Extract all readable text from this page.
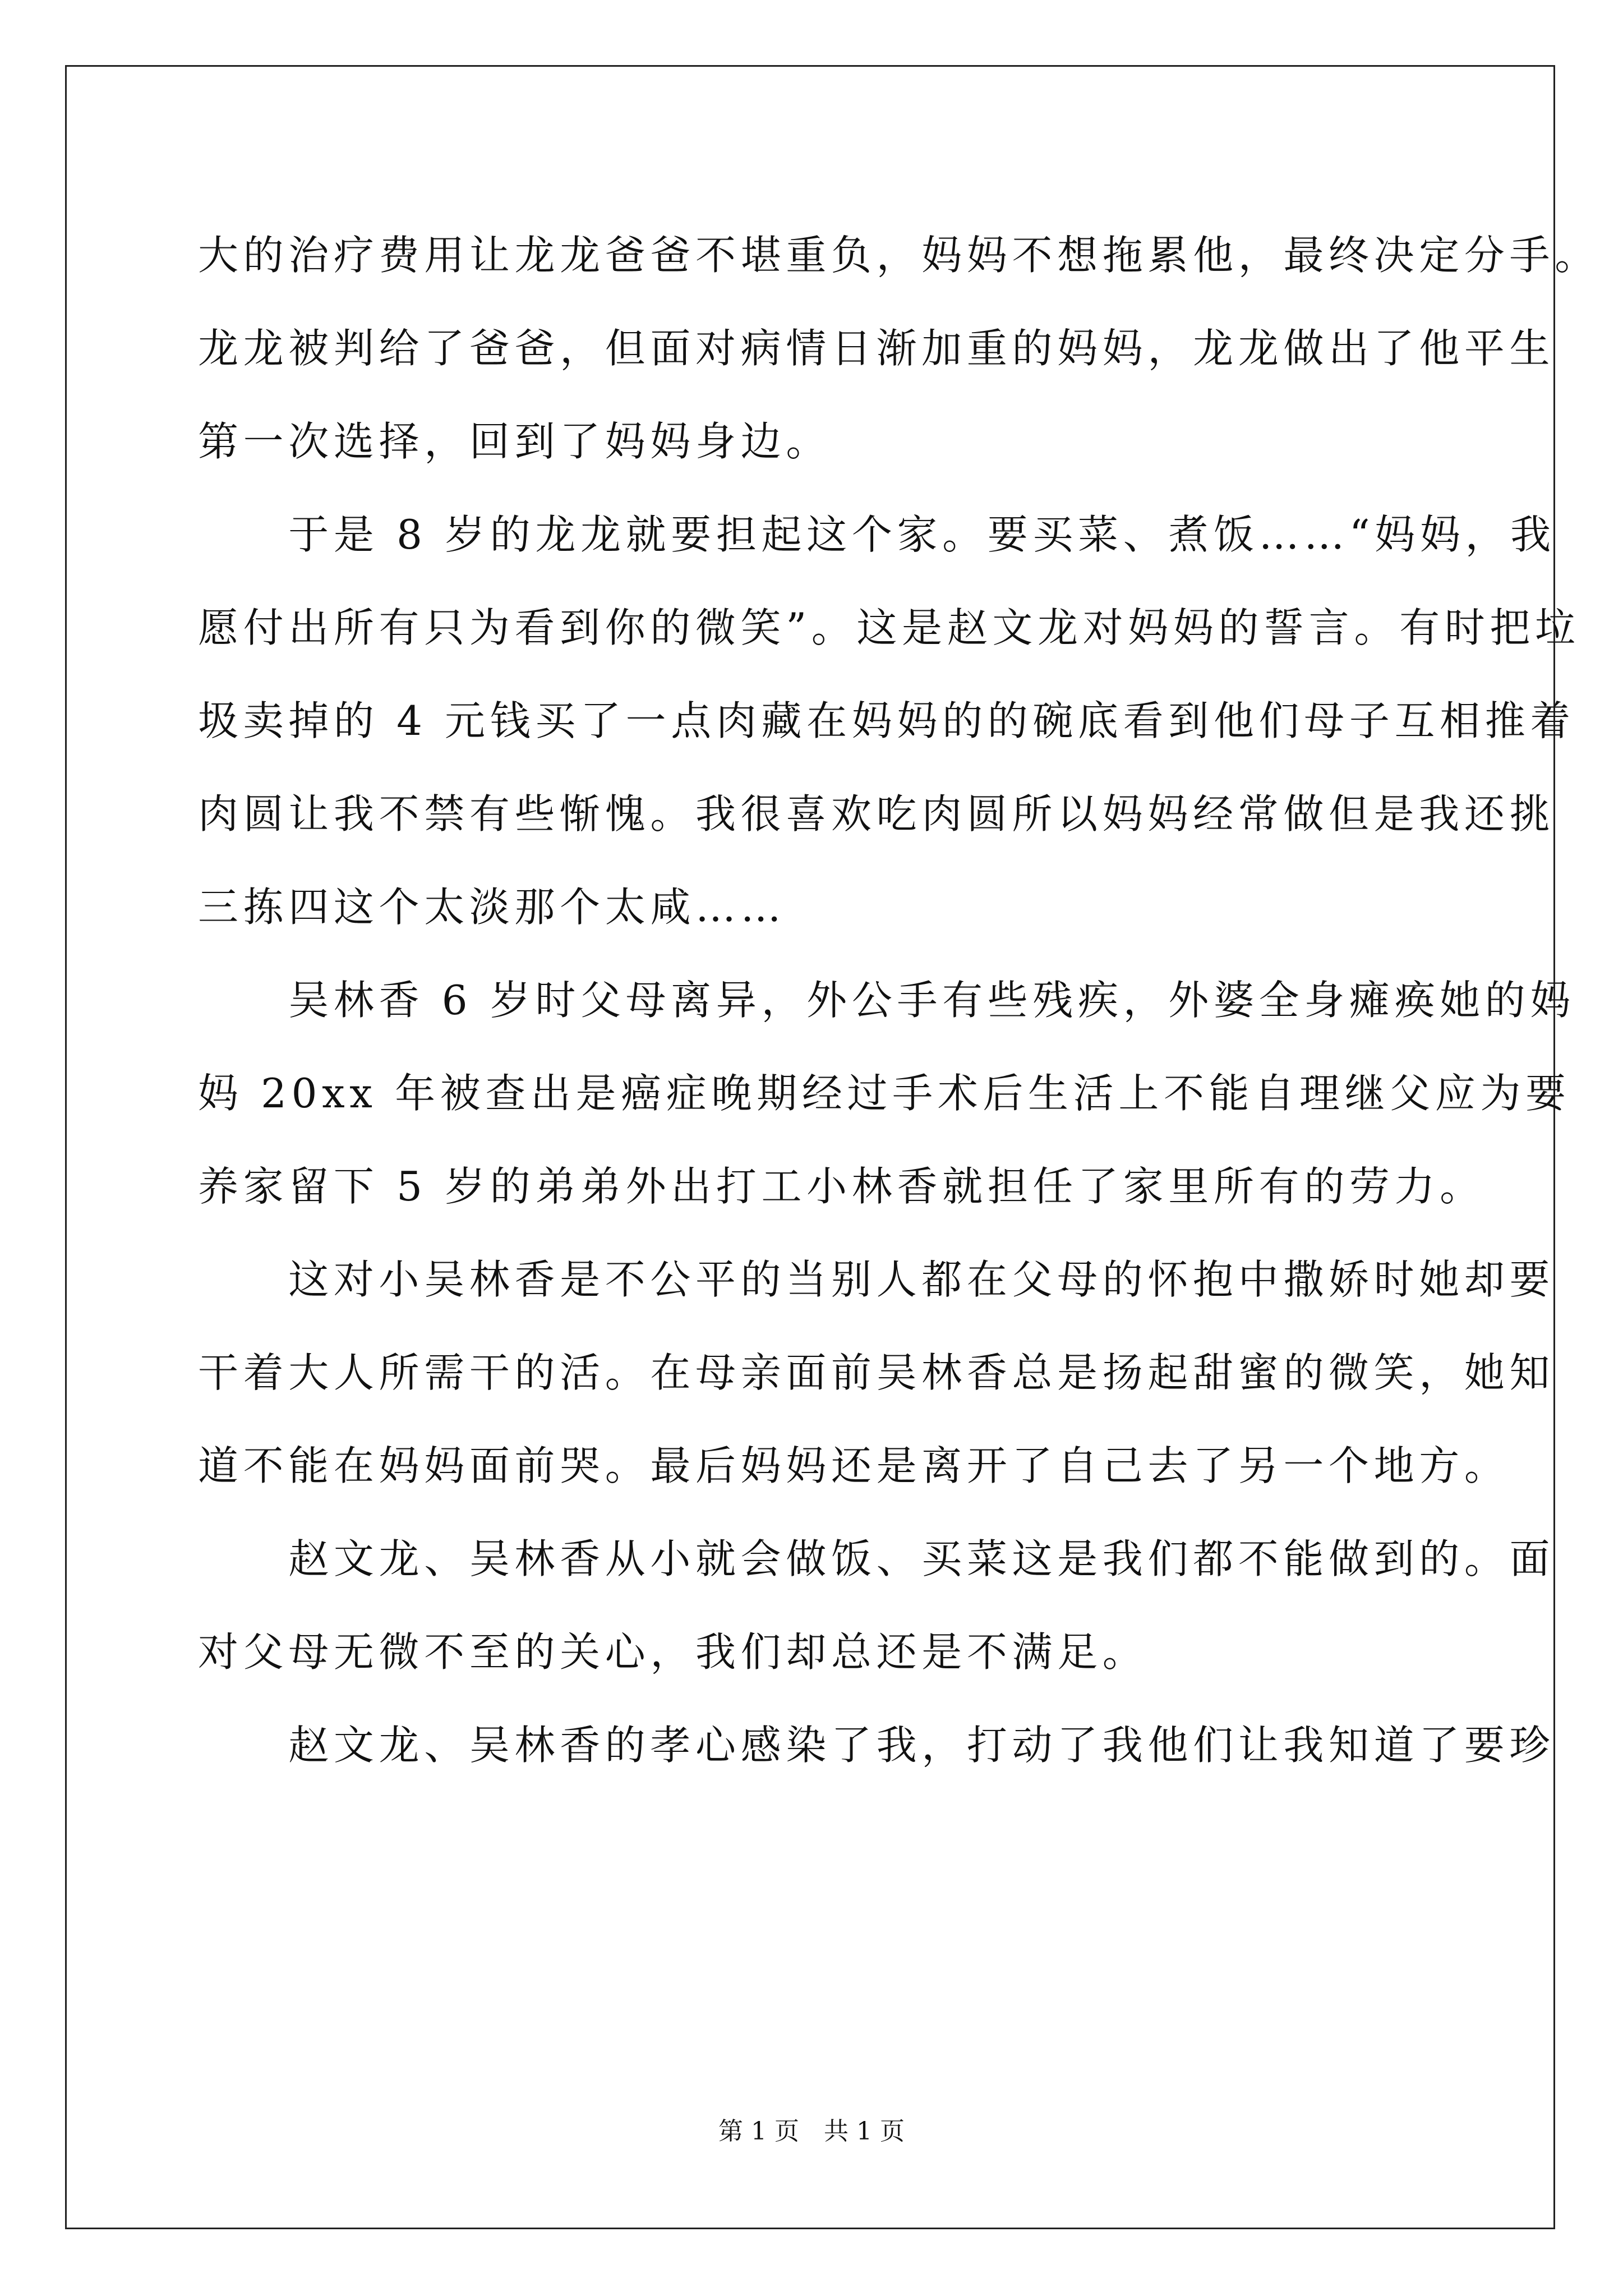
大的治疗费用让龙龙爸爸不堪重负，妈妈不想拖累他，最终决定分手。
龙龙被判给了爸爸，但面对病情日渐加重的妈妈，龙龙做出了他平生
第一次选择，回到了妈妈身边。
　　于是 8 岁的龙龙就要担起这个家。要买菜、煮饭……“妈妈，我
愿付出所有只为看到你的微笑”。这是赵文龙对妈妈的誓言。有时把垃
圾卖掉的 4 元钱买了一点肉藏在妈妈的的碗底看到他们母子互相推着
肉圆让我不禁有些惭愧。我很喜欢吃肉圆所以妈妈经常做但是我还挑
三拣四这个太淡那个太咸……
　　吴林香 6 岁时父母离异，外公手有些残疾，外婆全身瘫痪她的妈
妈 20xx 年被查出是癌症晚期经过手术后生活上不能自理继父应为要
养家留下 5 岁的弟弟外出打工小林香就担任了家里所有的劳力。
　　这对小吴林香是不公平的当别人都在父母的怀抱中撒娇时她却要
干着大人所需干的活。在母亲面前吴林香总是扬起甜蜜的微笑，她知
道不能在妈妈面前哭。最后妈妈还是离开了自己去了另一个地方。
　　赵文龙、吴林香从小就会做饭、买菜这是我们都不能做到的。面
对父母无微不至的关心，我们却总还是不满足。
　　赵文龙、吴林香的孝心感染了我，打动了我他们让我知道了要珍
第 1 页　共 1 页
